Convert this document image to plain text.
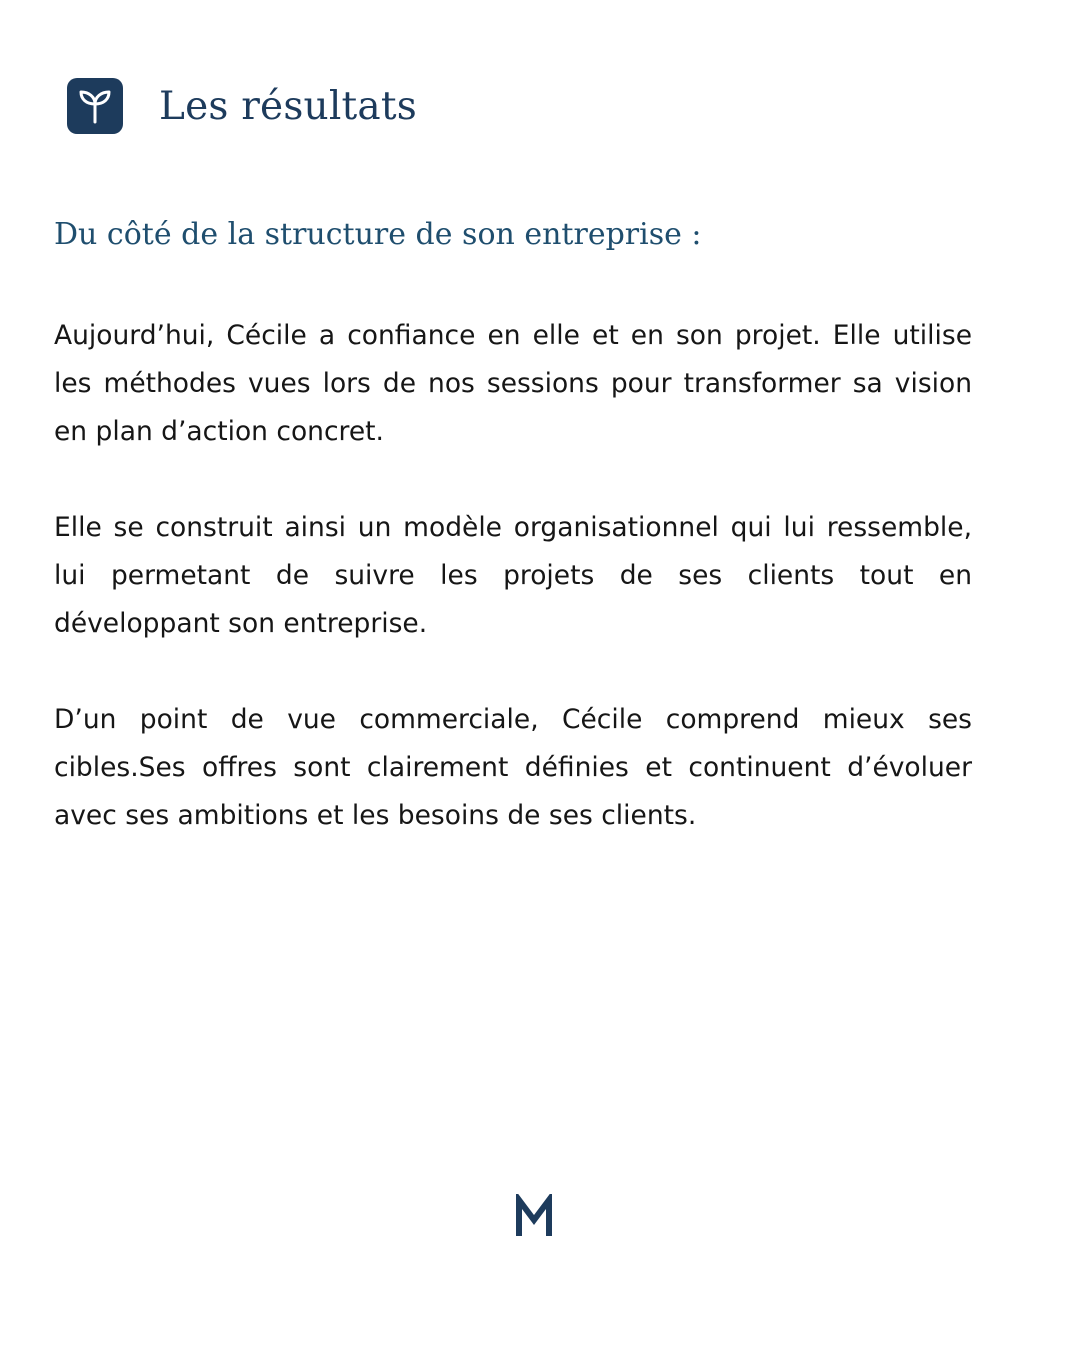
Les résultats
Du côté de la structure de son entreprise :

Aujourd’hui, Cécile a confiance en elle et en son projet. Elle utilise les méthodes vues lors de nos sessions pour transformer sa vision en plan d’action concret.

Elle se construit ainsi un modèle organisationnel qui lui ressemble, lui permetant de suivre les projets de ses clients tout en développant son entreprise.

D’un point de vue commerciale, Cécile comprend mieux ses cibles.Ses offres sont clairement définies et continuent d’évoluer avec ses ambitions et les besoins de ses clients.
